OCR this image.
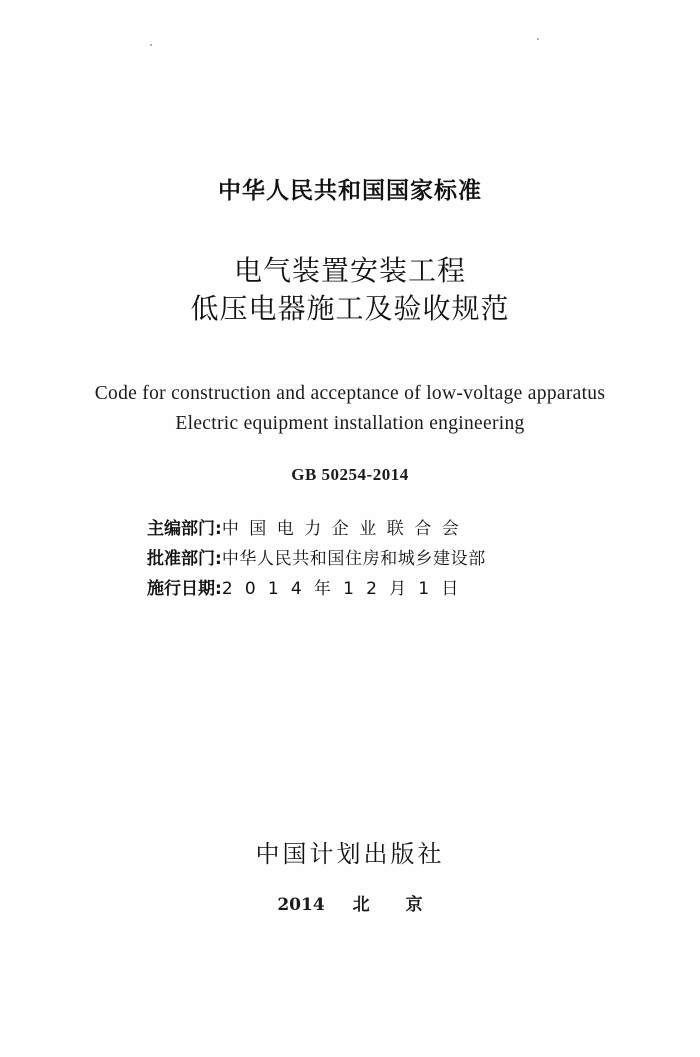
中华人民共和国国家标准
电气装置安装工程
低压电器施工及验收规范
Code for construction and acceptance of low-voltage apparatus
Electric equipment installation engineering
GB 50254-2014
主编部门:中国电力企业联合会
批准部门:中华人民共和国住房和城乡建设部
施行日期:2014年12月1日
中国计划出版社
2014 北 京
